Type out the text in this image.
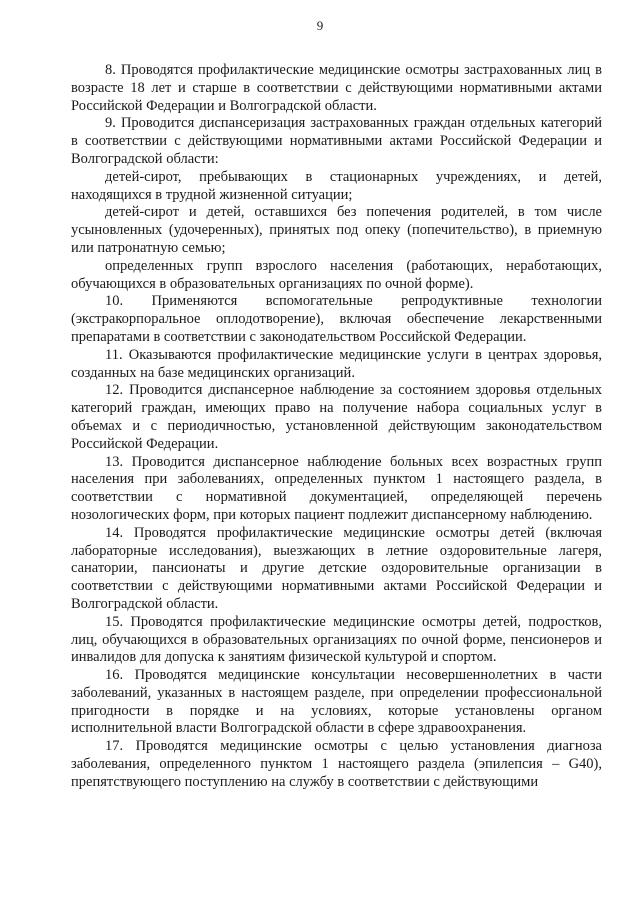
9

8. Проводятся профилактические медицинские осмотры застрахованных лиц в возрасте 18 лет и старше в соответствии с действующими нормативными актами Российской Федерации и Волгоградской области.

9. Проводится диспансеризация застрахованных граждан отдельных категорий в соответствии с действующими нормативными актами Российской Федерации и Волгоградской области:

детей-сирот, пребывающих в стационарных учреждениях, и детей, находящихся в трудной жизненной ситуации;

детей-сирот и детей, оставшихся без попечения родителей, в том числе усыновленных (удочеренных), принятых под опеку (попечительство), в приемную или патронатную семью;

определенных групп взрослого населения (работающих, неработающих, обучающихся в образовательных организациях по очной форме).

10. Применяются вспомогательные репродуктивные технологии (экстракорпоральное оплодотворение), включая обеспечение лекарственными препаратами в соответствии с законодательством Российской Федерации.

11. Оказываются профилактические медицинские услуги в центрах здоровья, созданных на базе медицинских организаций.

12. Проводится диспансерное наблюдение за состоянием здоровья отдельных категорий граждан, имеющих право на получение набора социальных услуг в объемах и с периодичностью, установленной действующим законодательством Российской Федерации.

13. Проводится диспансерное наблюдение больных всех возрастных групп населения при заболеваниях, определенных пунктом 1 настоящего раздела, в соответствии с нормативной документацией, определяющей перечень нозологических форм, при которых пациент подлежит диспансерному наблюдению.

14. Проводятся профилактические медицинские осмотры детей (включая лабораторные исследования), выезжающих в летние оздоровительные лагеря, санатории, пансионаты и другие детские оздоровительные организации в соответствии с действующими нормативными актами Российской Федерации и Волгоградской области.

15. Проводятся профилактические медицинские осмотры детей, подростков, лиц, обучающихся в образовательных организациях по очной форме, пенсионеров и инвалидов для допуска к занятиям физической культурой и спортом.

16. Проводятся медицинские консультации несовершеннолетних в части заболеваний, указанных в настоящем разделе, при определении профессиональной пригодности в порядке и на условиях, которые установлены органом исполнительной власти Волгоградской области в сфере здравоохранения.

17. Проводятся медицинские осмотры с целью установления диагноза заболевания, определенного пунктом 1 настоящего раздела (эпилепсия – G40), препятствующего поступлению на службу в соответствии с действующими
